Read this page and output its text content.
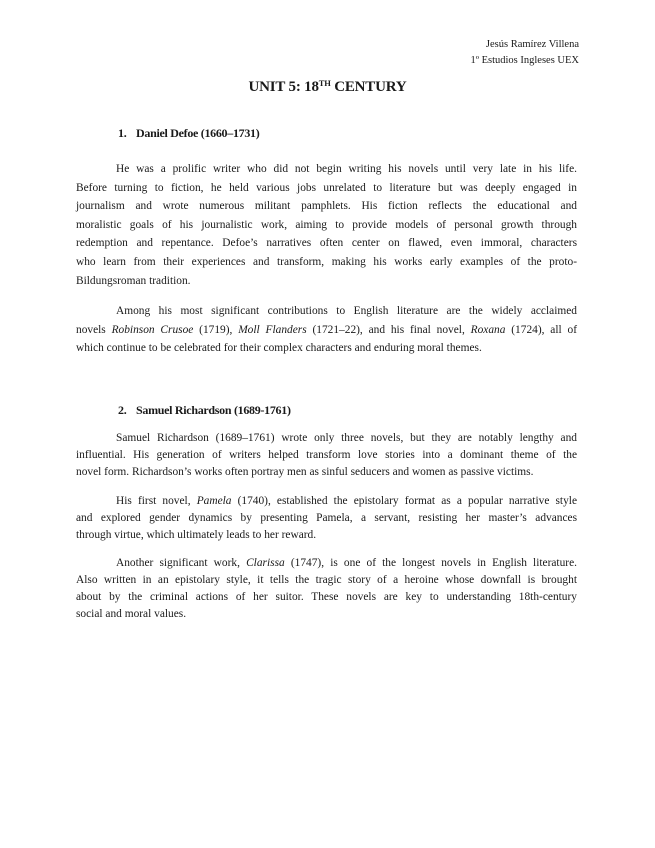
Jesús Ramírez Villena
1º Estudios Ingleses UEX
UNIT 5: 18TH CENTURY
1. Daniel Defoe (1660–1731)
He was a prolific writer who did not begin writing his novels until very late in his life.
Before turning to fiction, he held various jobs unrelated to literature but was deeply engaged in
journalism and wrote numerous militant pamphlets. His fiction reflects the educational and
moralistic goals of his journalistic work, aiming to provide models of personal growth through
redemption and repentance. Defoe’s narratives often center on flawed, even immoral, characters
who learn from their experiences and transform, making his works early examples of the proto-
Bildungsroman tradition.
Among his most significant contributions to English literature are the widely acclaimed
novels Robinson Crusoe (1719), Moll Flanders (1721–22), and his final novel, Roxana (1724), all of
which continue to be celebrated for their complex characters and enduring moral themes.
2. Samuel Richardson (1689-1761)
Samuel Richardson (1689–1761) wrote only three novels, but they are notably lengthy and
influential. His generation of writers helped transform love stories into a dominant theme of the
novel form. Richardson’s works often portray men as sinful seducers and women as passive victims.
His first novel, Pamela (1740), established the epistolary format as a popular narrative style
and explored gender dynamics by presenting Pamela, a servant, resisting her master’s advances
through virtue, which ultimately leads to her reward.
Another significant work, Clarissa (1747), is one of the longest novels in English literature.
Also written in an epistolary style, it tells the tragic story of a heroine whose downfall is brought
about by the criminal actions of her suitor. These novels are key to understanding 18th-century
social and moral values.
